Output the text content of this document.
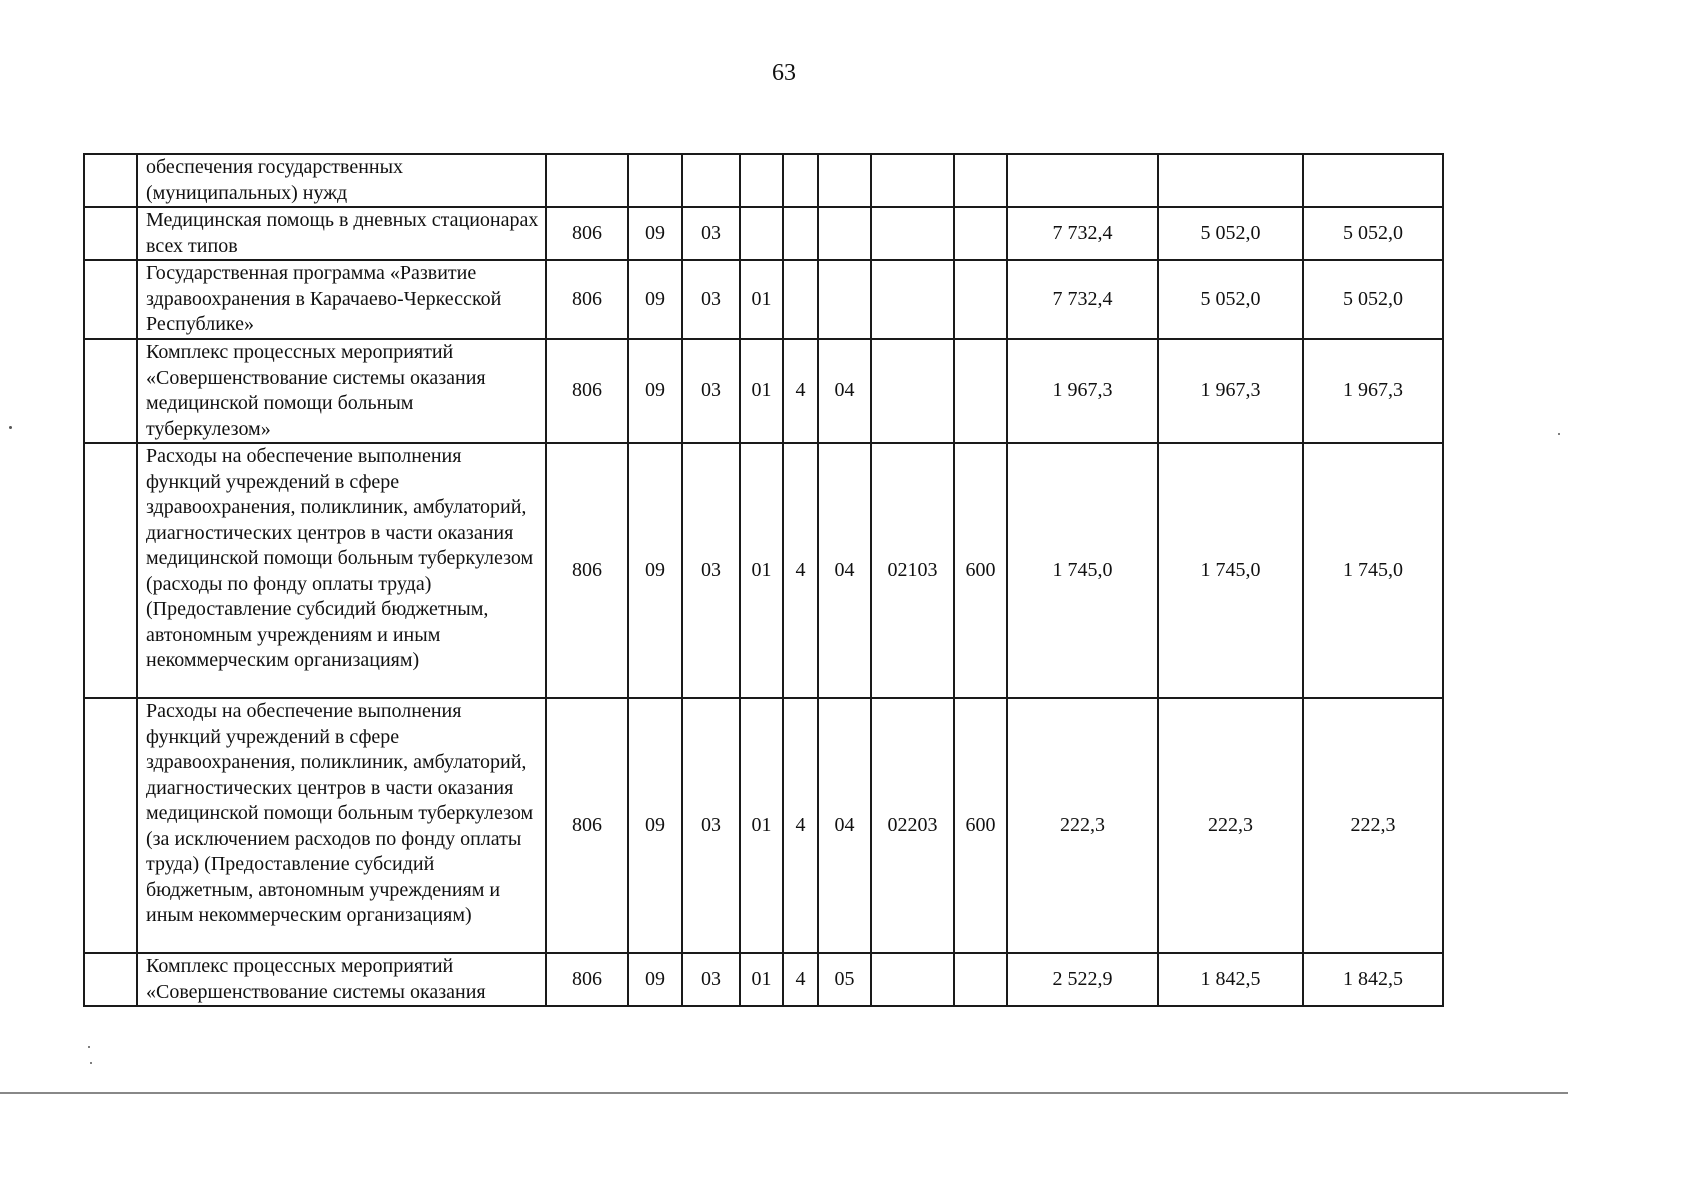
63
	обеспечения государственных (муниципальных) нужд											
	Медицинская помощь в дневных стационарах всех типов	806	09	03						7 732,4	5 052,0	5 052,0
	Государственная программа «Развитие здравоохранения в Карачаево-Черкесской Республике»	806	09	03	01					7 732,4	5 052,0	5 052,0
	Комплекс процессных мероприятий «Совершенствование системы оказания медицинской помощи больным туберкулезом»	806	09	03	01	4	04			1 967,3	1 967,3	1 967,3
	Расходы на обеспечение выполнения функций учреждений в сфере здравоохранения, поликлиник, амбулаторий, диагностических центров в части оказания медицинской помощи больным туберкулезом (расходы по фонду оплаты труда) (Предоставление субсидий бюджетным, автономным учреждениям и иным некоммерческим организациям)	806	09	03	01	4	04	02103	600	1 745,0	1 745,0	1 745,0
	Расходы на обеспечение выполнения функций учреждений в сфере здравоохранения, поликлиник, амбулаторий, диагностических центров в части оказания медицинской помощи больным туберкулезом (за исключением расходов по фонду оплаты труда) (Предоставление субсидий бюджетным, автономным учреждениям и иным некоммерческим организациям)	806	09	03	01	4	04	02203	600	222,3	222,3	222,3
	Комплекс процессных мероприятий «Совершенствование системы оказания	806	09	03	01	4	05			2 522,9	1 842,5	1 842,5
